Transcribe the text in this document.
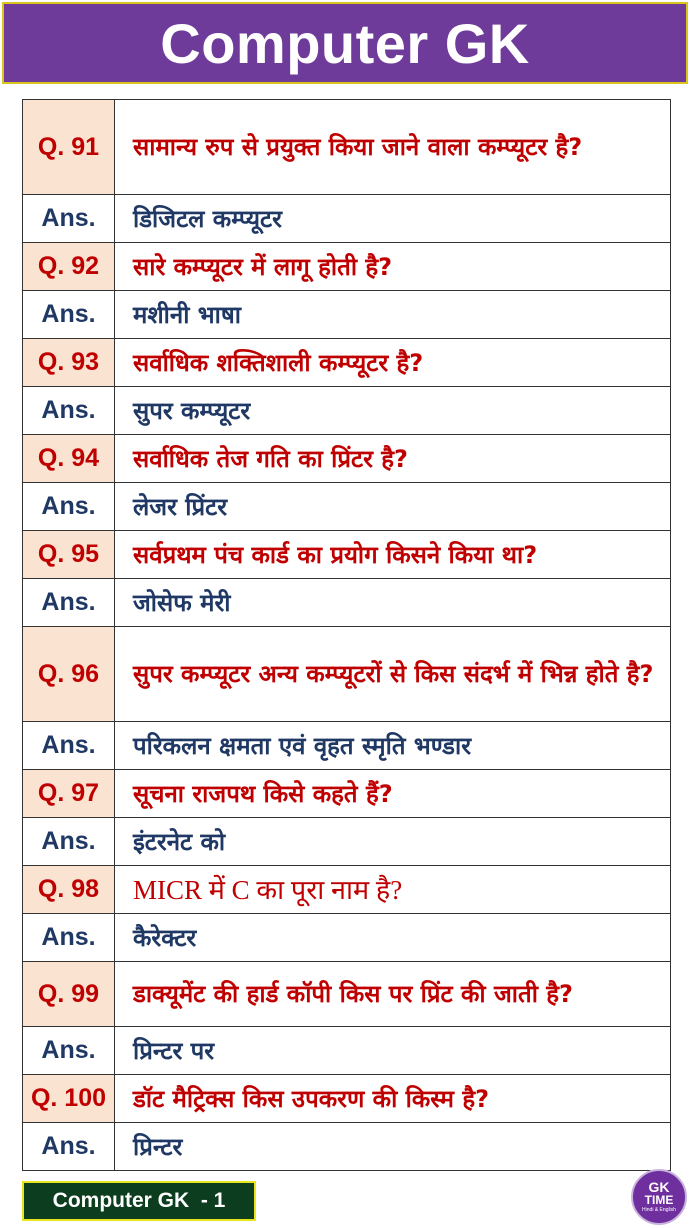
Computer GK
Q. 91	सामान्य रुप से प्रयुक्त किया जाने वाला कम्प्यूटर है?
Ans.	डिजिटल कम्प्यूटर
Q. 92	सारे कम्प्यूटर में लागू होती है?
Ans.	मशीनी भाषा
Q. 93	सर्वाधिक शक्तिशाली कम्प्यूटर है?
Ans.	सुपर कम्प्यूटर
Q. 94	सर्वाधिक तेज गति का प्रिंटर है?
Ans.	लेजर प्रिंटर
Q. 95	सर्वप्रथम पंच कार्ड का प्रयोग किसने किया था?
Ans.	जोसेफ मेरी
Q. 96	सुपर कम्प्यूटर अन्य कम्प्यूटरों से किस संदर्भ में भिन्न होते है?
Ans.	परिकलन क्षमता एवं वृहत स्मृति भण्डार
Q. 97	सूचना राजपथ किसे कहते हैं?
Ans.	इंटरनेट को
Q. 98	MICR में C का पूरा नाम है?
Ans.	कैरेक्टर
Q. 99	डाक्यूमेंट की हार्ड कॉपी किस पर प्रिंट की जाती है?
Ans.	प्रिन्टर पर
Q. 100	डॉट मैट्रिक्स किस उपकरण की किस्म है?
Ans.	प्रिन्टर
Computer GK  - 1
GK
TIME
Hindi & English
